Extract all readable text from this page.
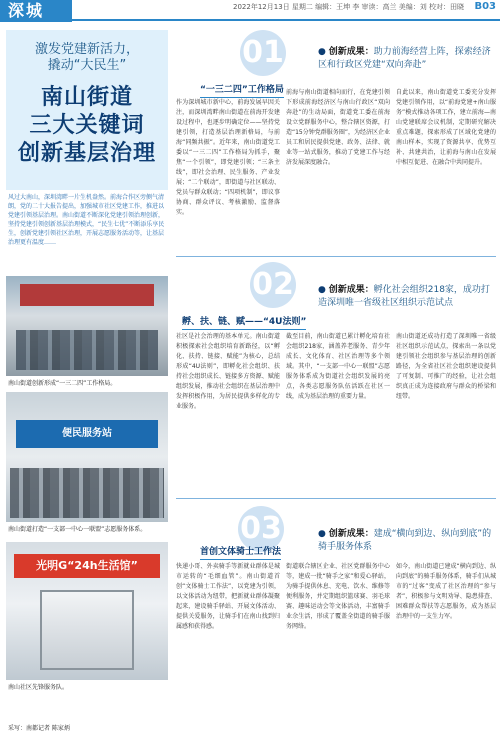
深城	2022年12月13日 星期二 编辑：王坤 李 审读：高兰 美编：刘 校对：田晓 B03
激发党建新活力，
撬动“大民生”
南山街道
三大关键词
创新基层治理
风过大南山，深圳湾畔一片生机盎然。前海合作区旁侧气清朗，党的二十大报告提出，加强城市社区党建工作，推进以党建引领基层治理。南山街道不断深化党建引领治理创新，坚持党建引领创新基层治理模式，“民生七优”不断添乐享民生，创新党建引领社区治理，开展志愿服务活动等，让基层治理更有温度……
南山街道创新形成“一三二四”工作格局。
便民服务站
南山街道打造“一支部一中心一联盟”志愿服务体系。
光明G“24h生活馆”
南山社区先锋服务队。
采写：南都记者 陈家炳
01
“一三二四”工作格局
● 创新成果：助力前海经营上阵，探索经济区和行政区党建“双向奔赴”
作为深圳城市新中心，前海发展早因关注，而深圳湾畔南山街道在前海开发建设过程中，也逐步明确定位——坚持党建引领，打造基层治理新格局，与前海“同频共振”。近年来，南山街道党工委以“一三二四”工作格局为抓手，聚焦“一个引领”，即党建引领；“三条主线”，即社会治理、民生服务、产业发展；“二个联动”，即街道与社区联动、党员与群众联动；“四项机制”，即议事协商、群众评议、考核激励、监督落实。
前海与南山街道相向而行，在党建引领下形成前海经济区与南山行政区“双向奔赴”的生动局面，街道党工委在前海设立党群服务中心，整合辖区资源，打造“15分钟党群服务圈”，为经济区企业员工和居民提供党建、政务、法律、就业等一站式服务，推动了党建工作与经济发展深度融合。
自此以来，南山街道党工委充分发挥党建引领作用，以“前海党建+南山服务”模式推动各项工作，建立前海—南山党建联席会议机制，定期研究解决重点难题，探索形成了区域化党建的南山样本，实现了资源共享、优势互补、共建共治，让前海与南山在发展中相互促进、在融合中共同提升。
02
孵、扶、链、赋——“4U法则”
● 创新成果：孵化社会组织218家，成功打造深圳唯一省级社区组织示范试点
社区是社会治理的基本单元。南山街道积极探索社会组织培育新路径，以“孵化、扶持、链接、赋能”为核心，总结形成“4U法则”，即孵化社会组织、扶持社会组织成长、链接多方资源、赋能组织发展，推动社会组织在基层治理中发挥积极作用，为居民提供多样化的专业服务。
截至目前，南山街道已累计孵化培育社会组织218家，涵盖养老服务、青少年成长、文化体育、社区治理等多个领域。其中，“一支部一中心一联盟”志愿服务体系成为街道社会组织发展的亮点，各类志愿服务队伍活跃在社区一线，成为基层治理的重要力量。
南山街道还成功打造了深圳唯一省级社区组织示范试点，探索出一条以党建引领社会组织参与基层治理的创新路径，为全省社区社会组织建设提供了可复制、可推广的经验，让社会组织真正成为连接政府与群众的桥梁和纽带。
03
首创文体骑士工作法
● 创新成果：建成“横向到边、纵向到底”的骑手服务体系
快递小哥、外卖骑手等新就业群体是城市运转的“毛细血管”。南山街道首创“文体骑士工作法”，以党建为引领，以文体活动为纽带，把新就业群体凝聚起来，建设骑手驿站、开展文体活动、提供关爱服务，让骑手们在南山找到归属感和获得感。
街道联合辖区企业、社区党群服务中心等，建成一批“骑手之家”和爱心驿站，为骑手提供休息、充电、饮水、维修等便利服务，并定期组织篮球赛、羽毛球赛、趣味运动会等文体活动，丰富骑手业余生活，形成了覆盖全街道的骑手服务网络。
如今，南山街道已建成“横向到边、纵向到底”的骑手服务体系，骑手们从城市的“过客”变成了社区治理的“参与者”，积极参与文明劝导、隐患排查、困难群众帮扶等志愿服务，成为基层治理中的一支生力军。
